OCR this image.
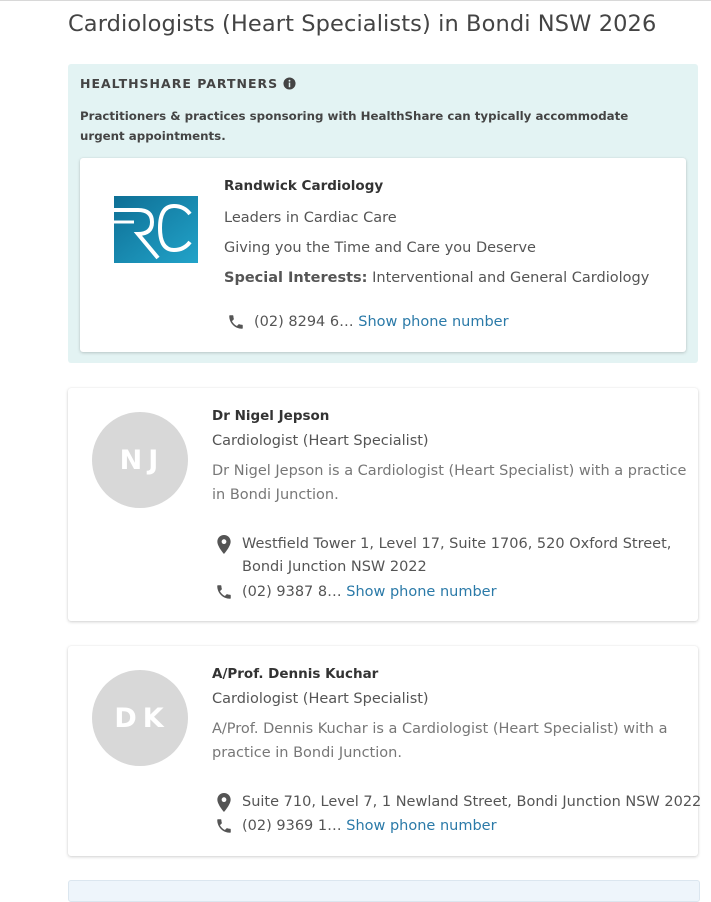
Cardiologists (Heart Specialists) in Bondi NSW 2026
HEALTHSHARE PARTNERS
Practitioners & practices sponsoring with HealthShare can typically accommodate urgent appointments.
Randwick Cardiology
Leaders in Cardiac Care
Giving you the Time and Care you Deserve
Special Interests: Interventional and General Cardiology
(02) 8294 6… Show phone number
NJ
Dr Nigel Jepson
Cardiologist (Heart Specialist)
Dr Nigel Jepson is a Cardiologist (Heart Specialist) with a practice
in Bondi Junction.
Westfield Tower 1, Level 17, Suite 1706, 520 Oxford Street,
Bondi Junction NSW 2022
(02) 9387 8… Show phone number
DK
A/Prof. Dennis Kuchar
Cardiologist (Heart Specialist)
A/Prof. Dennis Kuchar is a Cardiologist (Heart Specialist) with a
practice in Bondi Junction.
Suite 710, Level 7, 1 Newland Street, Bondi Junction NSW 2022
(02) 9369 1… Show phone number
